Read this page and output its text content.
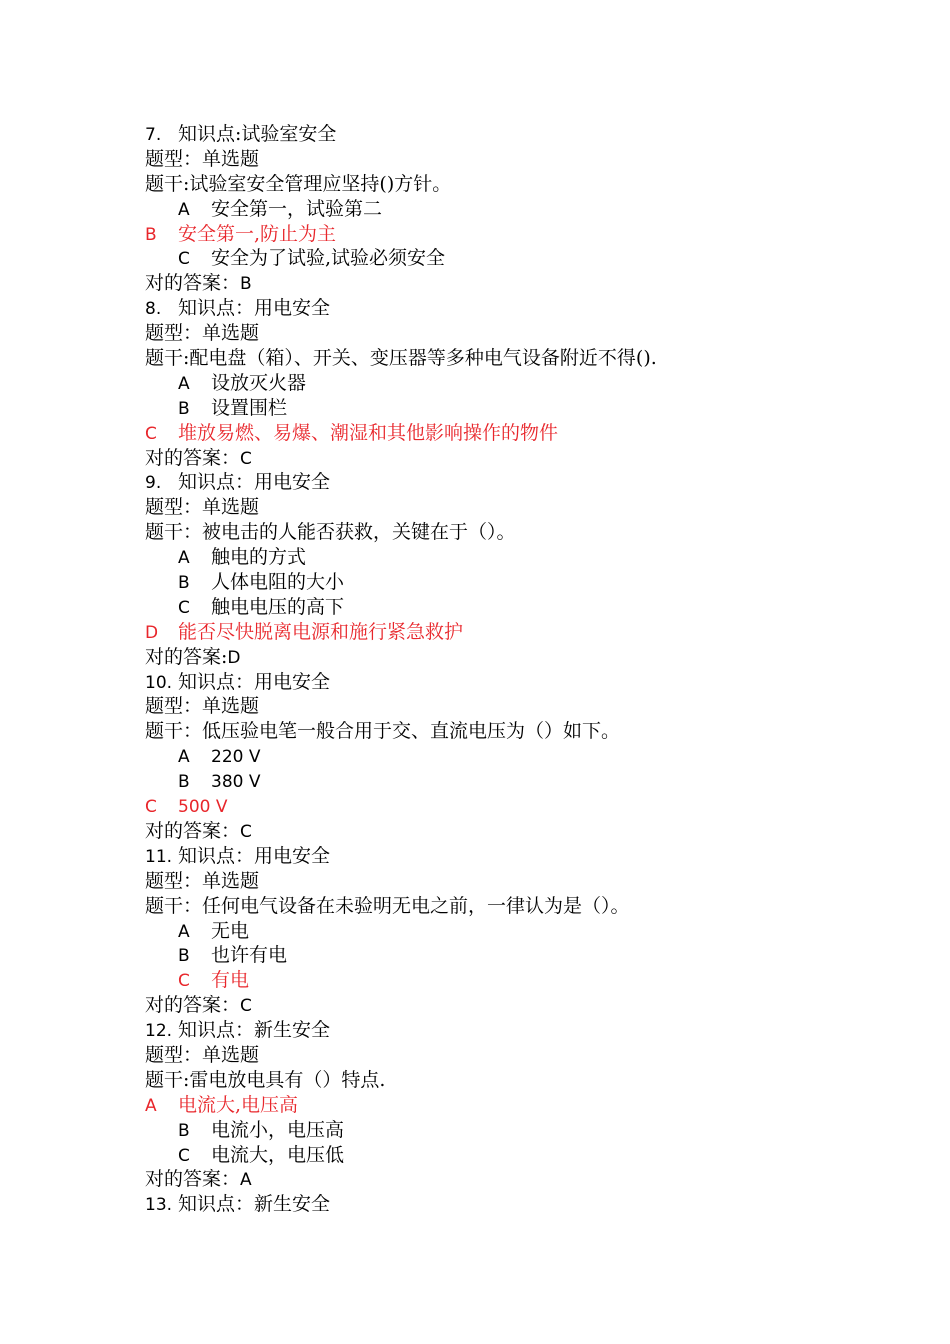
7. 知识点:试验室安全
题型：单选题
题干:试验室安全管理应坚持()方针。
A 安全第一，试验第二
B 安全第一,防止为主
C 安全为了试验,试验必须安全
对的答案：B
8. 知识点：用电安全
题型：单选题
题干:配电盘（箱）、开关、变压器等多种电气设备附近不得().
A 设放灭火器
B 设置围栏
C 堆放易燃、易爆、潮湿和其他影响操作的物件
对的答案：C
9. 知识点：用电安全
题型：单选题
题干：被电击的人能否获救，关键在于（）。
A 触电的方式
B 人体电阻的大小
C 触电电压的高下
D 能否尽快脱离电源和施行紧急救护
对的答案:D
10. 知识点：用电安全
题型：单选题
题干：低压验电笔一般合用于交、直流电压为（）如下。
A 220 V
B 380 V
C 500 V
对的答案：C
11. 知识点：用电安全
题型：单选题
题干：任何电气设备在未验明无电之前，一律认为是（）。
A 无电
B 也许有电
C 有电
对的答案：C
12. 知识点：新生安全
题型：单选题
题干:雷电放电具有（）特点.
A 电流大,电压高
B 电流小，电压高
C 电流大，电压低
对的答案：A
13. 知识点：新生安全
